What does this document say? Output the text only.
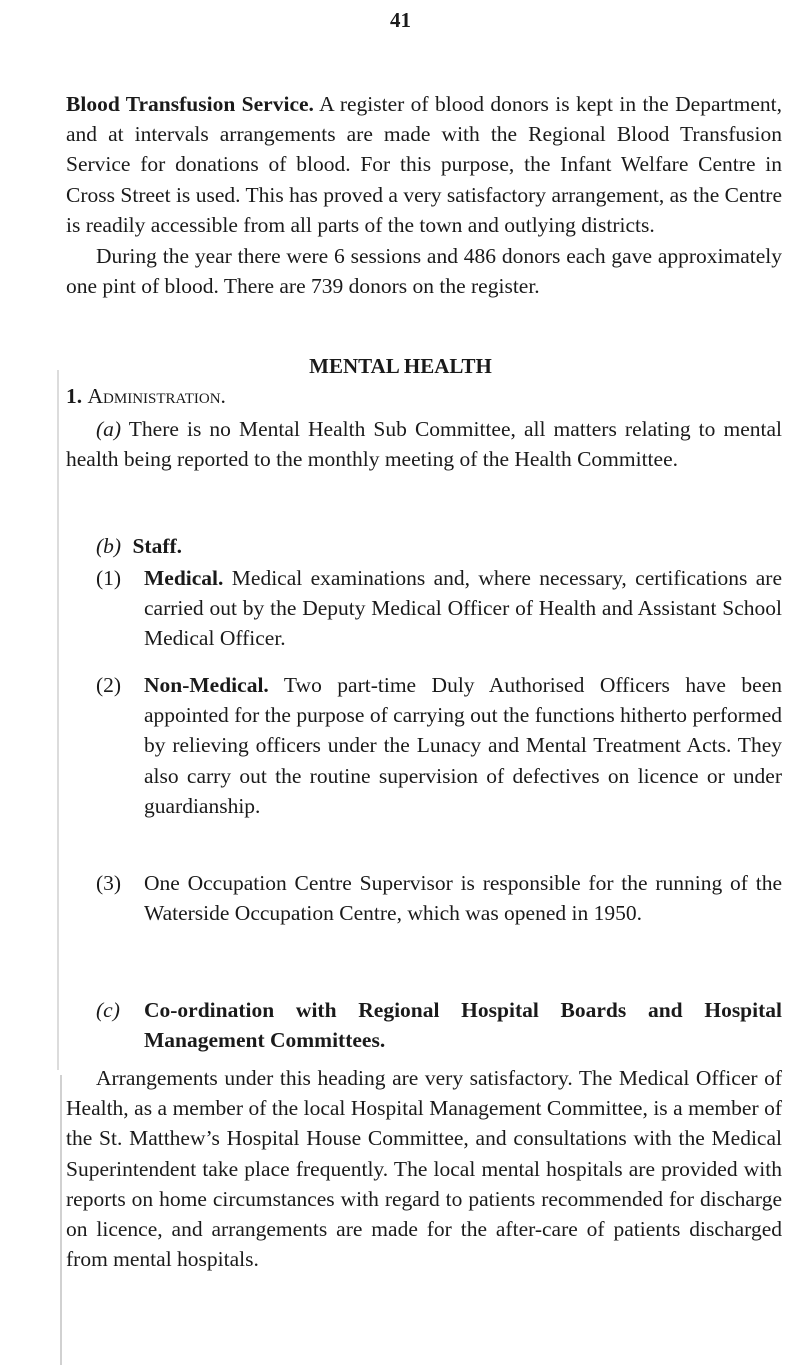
41
Blood Transfusion Service. A register of blood donors is kept in the Department, and at intervals arrangements are made with the Regional Blood Transfusion Service for donations of blood. For this purpose, the Infant Welfare Centre in Cross Street is used. This has proved a very satisfactory arrangement, as the Centre is readily accessible from all parts of the town and outlying districts.
During the year there were 6 sessions and 486 donors each gave approximately one pint of blood. There are 739 donors on the register.
MENTAL HEALTH
1. Administration.
(a) There is no Mental Health Sub Committee, all matters relating to mental health being reported to the monthly meeting of the Health Committee.
(b) Staff.
(1) Medical. Medical examinations and, where necessary, certifications are carried out by the Deputy Medical Officer of Health and Assistant School Medical Officer.
(2) Non-Medical. Two part-time Duly Authorised Officers have been appointed for the purpose of carrying out the functions hitherto performed by relieving officers under the Lunacy and Mental Treatment Acts. They also carry out the routine supervision of defectives on licence or under guardianship.
(3) One Occupation Centre Supervisor is responsible for the running of the Waterside Occupation Centre, which was opened in 1950.
(c) Co-ordination with Regional Hospital Boards and Hospital Management Committees.
Arrangements under this heading are very satisfactory. The Medical Officer of Health, as a member of the local Hospital Management Committee, is a member of the St. Matthew’s Hospital House Committee, and consultations with the Medical Superintendent take place frequently. The local mental hospitals are provided with reports on home circumstances with regard to patients recommended for discharge on licence, and arrangements are made for the after-care of patients discharged from mental hospitals.
